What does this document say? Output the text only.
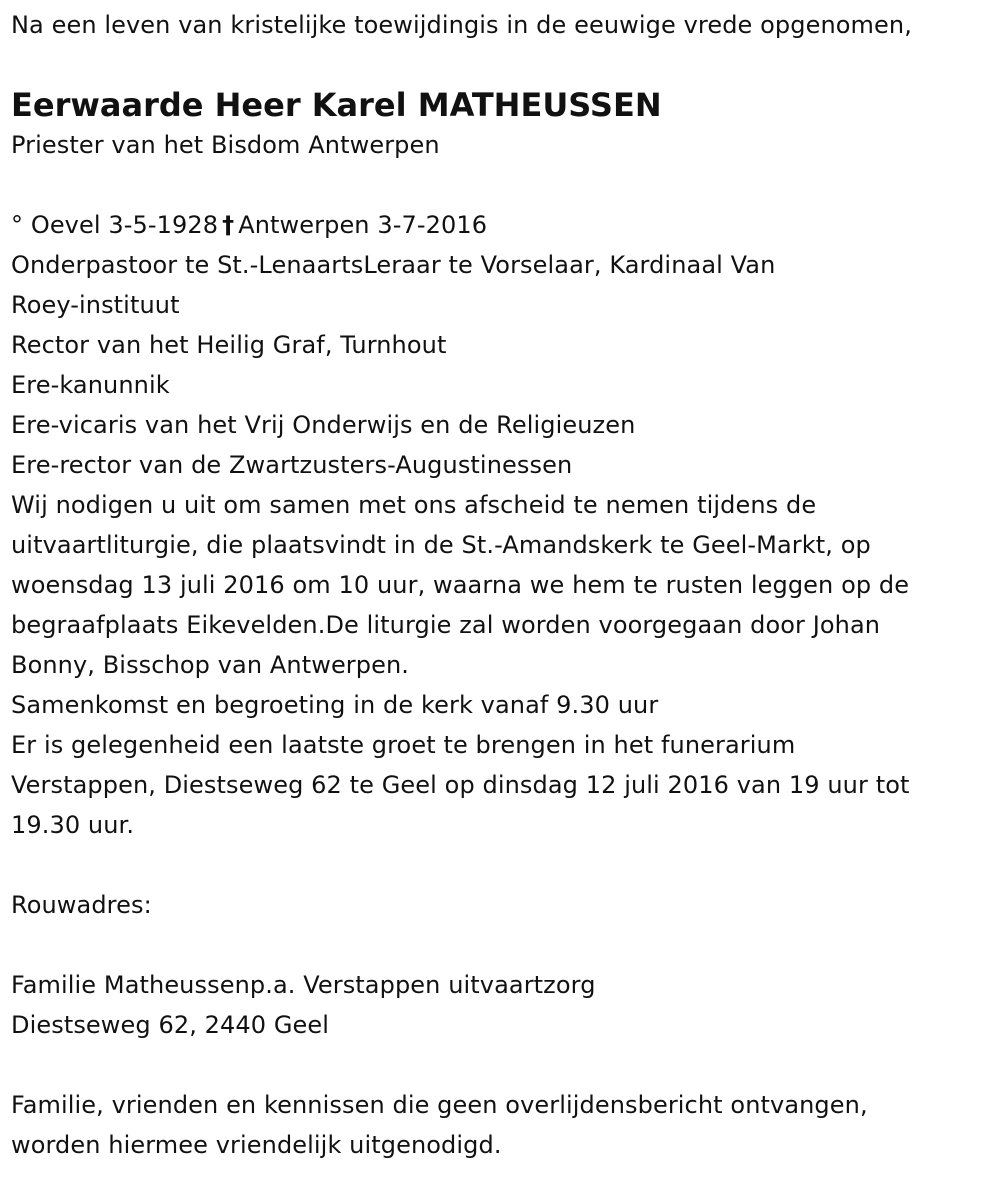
Na een leven van kristelijke toewijdingis in de eeuwige vrede opgenomen,
Eerwaarde Heer Karel MATHEUSSEN
Priester van het Bisdom Antwerpen
° Oevel 3-5-1928 † Antwerpen 3-7-2016
Onderpastoor te St.-LenaartsLeraar te Vorselaar, Kardinaal Van
Roey-instituut
Rector van het Heilig Graf, Turnhout
Ere-kanunnik
Ere-vicaris van het Vrij Onderwijs en de Religieuzen
Ere-rector van de Zwartzusters-Augustinessen
Wij nodigen u uit om samen met ons afscheid te nemen tijdens de
uitvaartliturgie, die plaatsvindt in de St.-Amandskerk te Geel-Markt, op
woensdag 13 juli 2016 om 10 uur, waarna we hem te rusten leggen op de
begraafplaats Eikevelden.De liturgie zal worden voorgegaan door Johan
Bonny, Bisschop van Antwerpen.
Samenkomst en begroeting in de kerk vanaf 9.30 uur
Er is gelegenheid een laatste groet te brengen in het funerarium
Verstappen, Diestseweg 62 te Geel op dinsdag 12 juli 2016 van 19 uur tot
19.30 uur.
Rouwadres:
Familie Matheussenp.a. Verstappen uitvaartzorg
Diestseweg 62, 2440 Geel
Familie, vrienden en kennissen die geen overlijdensbericht ontvangen,
worden hiermee vriendelijk uitgenodigd.
